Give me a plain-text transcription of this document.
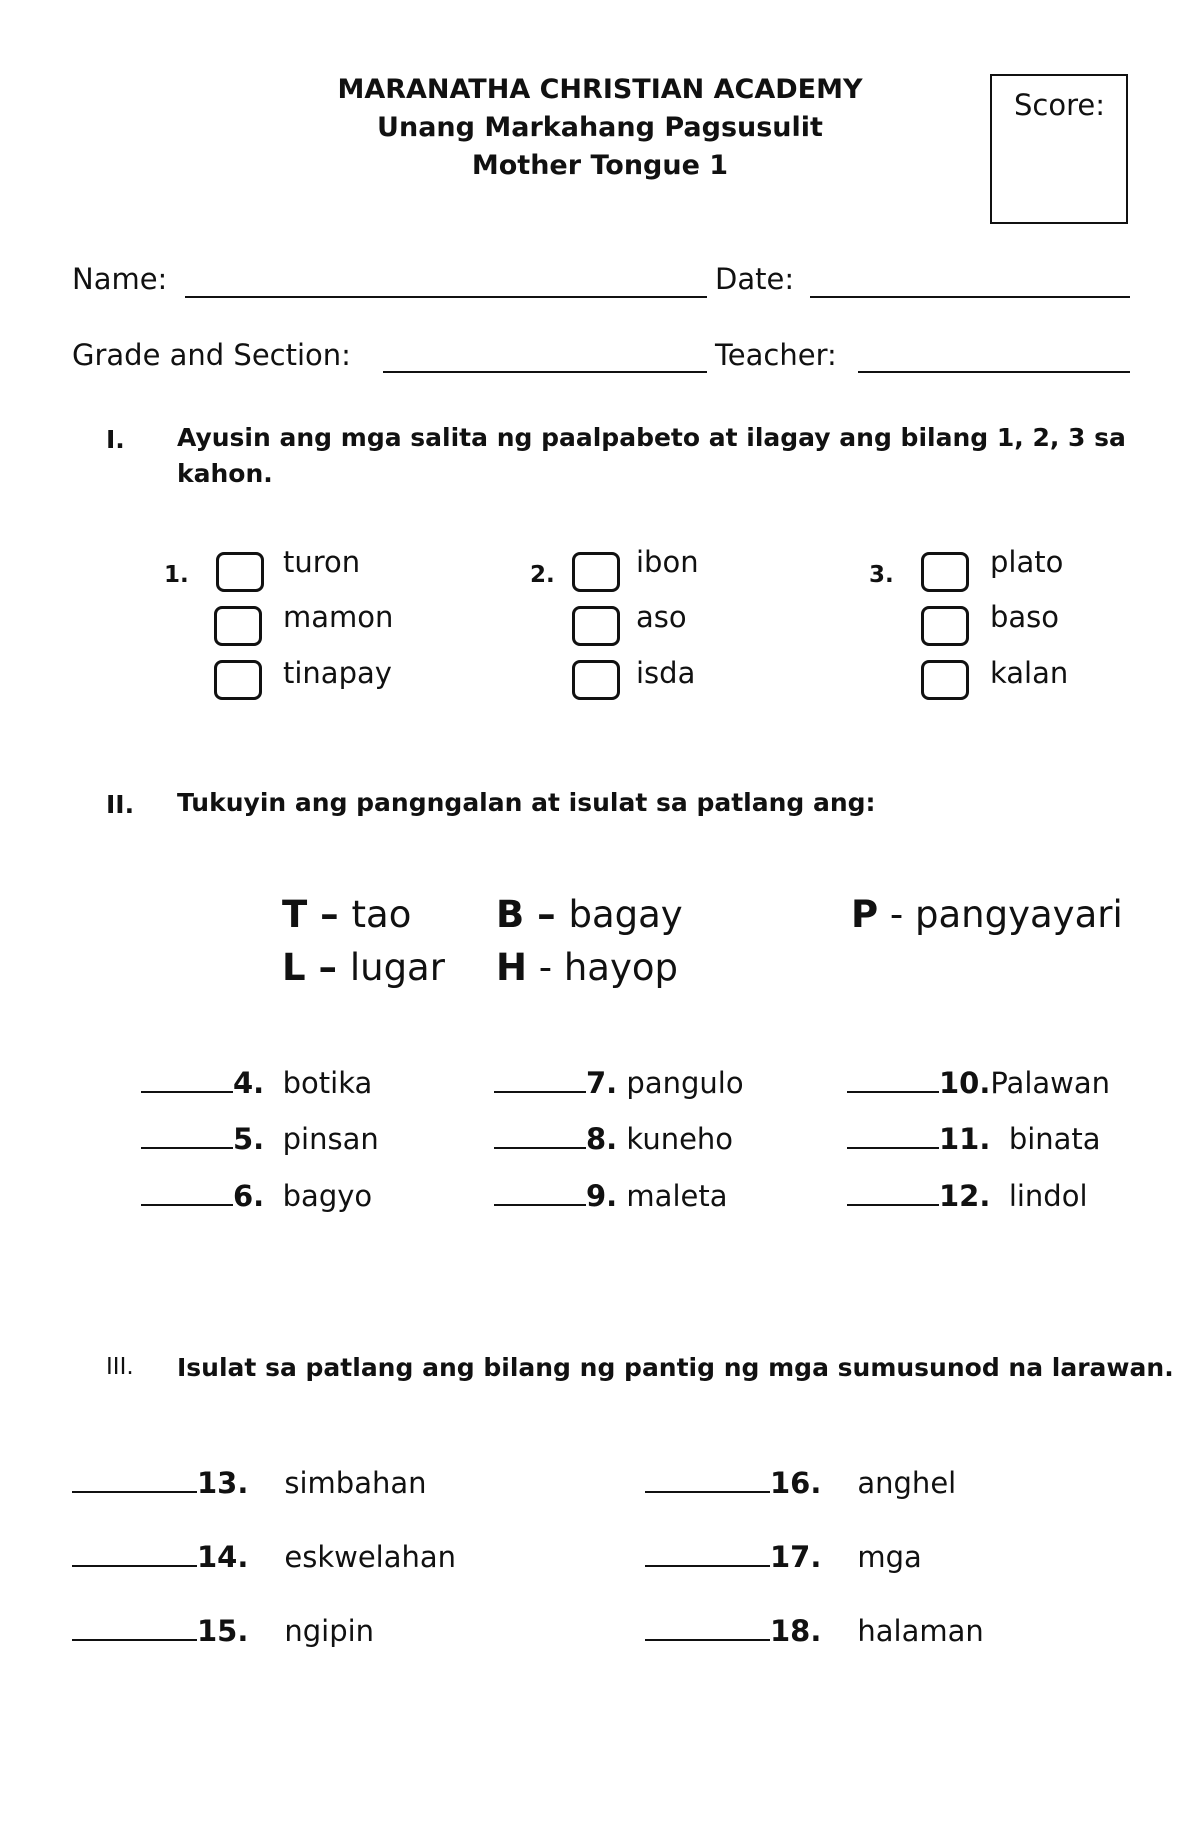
MARANATHA CHRISTIAN ACADEMY
Unang Markahang Pagsusulit
Mother Tongue 1
Score:
Name:	Date:
Grade and Section:	Teacher:
I. Ayusin ang mga salita ng paalpabeto at ilagay ang bilang 1, 2, 3 sa
kahon.
1.	turon
mamon
tinapay
2.	ibon
aso
isda
3.	plato
baso
kalan
II. Tukuyin ang pangngalan at isulat sa patlang ang:
T – tao B – bagay	P - pangyayari
L – lugar H - hayop
4. botika
5. pinsan
6. bagyo
7. pangulo
8. kuneho
9. maleta
10.Palawan
11. binata
12. lindol
III. Isulat sa patlang ang bilang ng pantig ng mga sumusunod na larawan.
13. simbahan
14. eskwelahan
15. ngipin
16. anghel
17. mga
18. halaman
